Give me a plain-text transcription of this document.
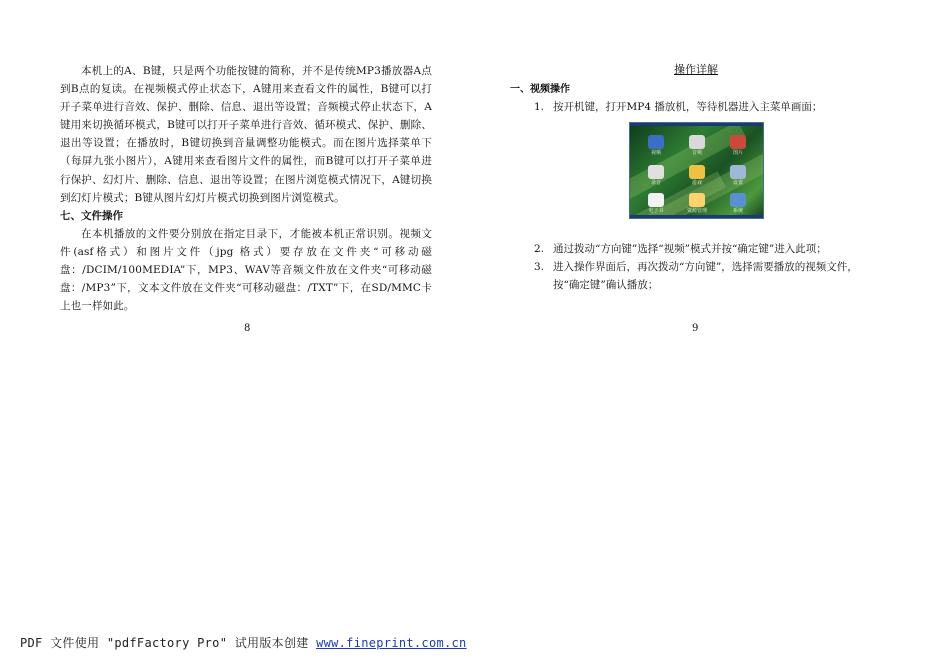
本机上的A、B键，只是两个功能按键的简称，并不是传统MP3播放器A点到B点的复读。在视频模式停止状态下，A键用来查看文件的属性，B键可以打开子菜单进行音效、保护、删除、信息、退出等设置；音频模式停止状态下，A键用来切换循环模式，B键可以打开子菜单进行音效、循环模式、保护、删除、退出等设置；在播放时，B键切换到音量调整功能模式。而在图片选择菜单下（每屏九张小图片），A键用来查看图片文件的属性，而B键可以打开子菜单进行保护、幻灯片、删除、信息、退出等设置；在图片浏览模式情况下，A键切换到幻灯片模式；B键从图片幻灯片模式切换到图片浏览模式。

七、文件操作

在本机播放的文件要分别放在指定目录下，才能被本机正常识别。视频文件(asf格式）和图片文件（jpg 格式）要存放在文件夹“可移动磁盘：/DCIM/100MEDIA”下，MP3、WAV等音频文件放在文件夹“可移动磁盘：/MP3”下，文本文件放在文件夹“可移动磁盘：/TXT”下，在SD/MMC卡上也一样如此。

8
操作详解
一、视频操作
1. 按开机键，打开MP4 播放机，等待机器进入主菜单画面；
视频	音频	图片
录音	游戏	设置
电子书	资源管理	系统
2. 通过拨动“方向键”选择“视频”模式并按“确定键”进入此项；
3. 进入操作界面后，再次拨动“方向键”，选择需要播放的视频文件，按“确定键”确认播放；
9
PDF 文件使用 "pdfFactory Pro" 试用版本创建 www.fineprint.com.cn
